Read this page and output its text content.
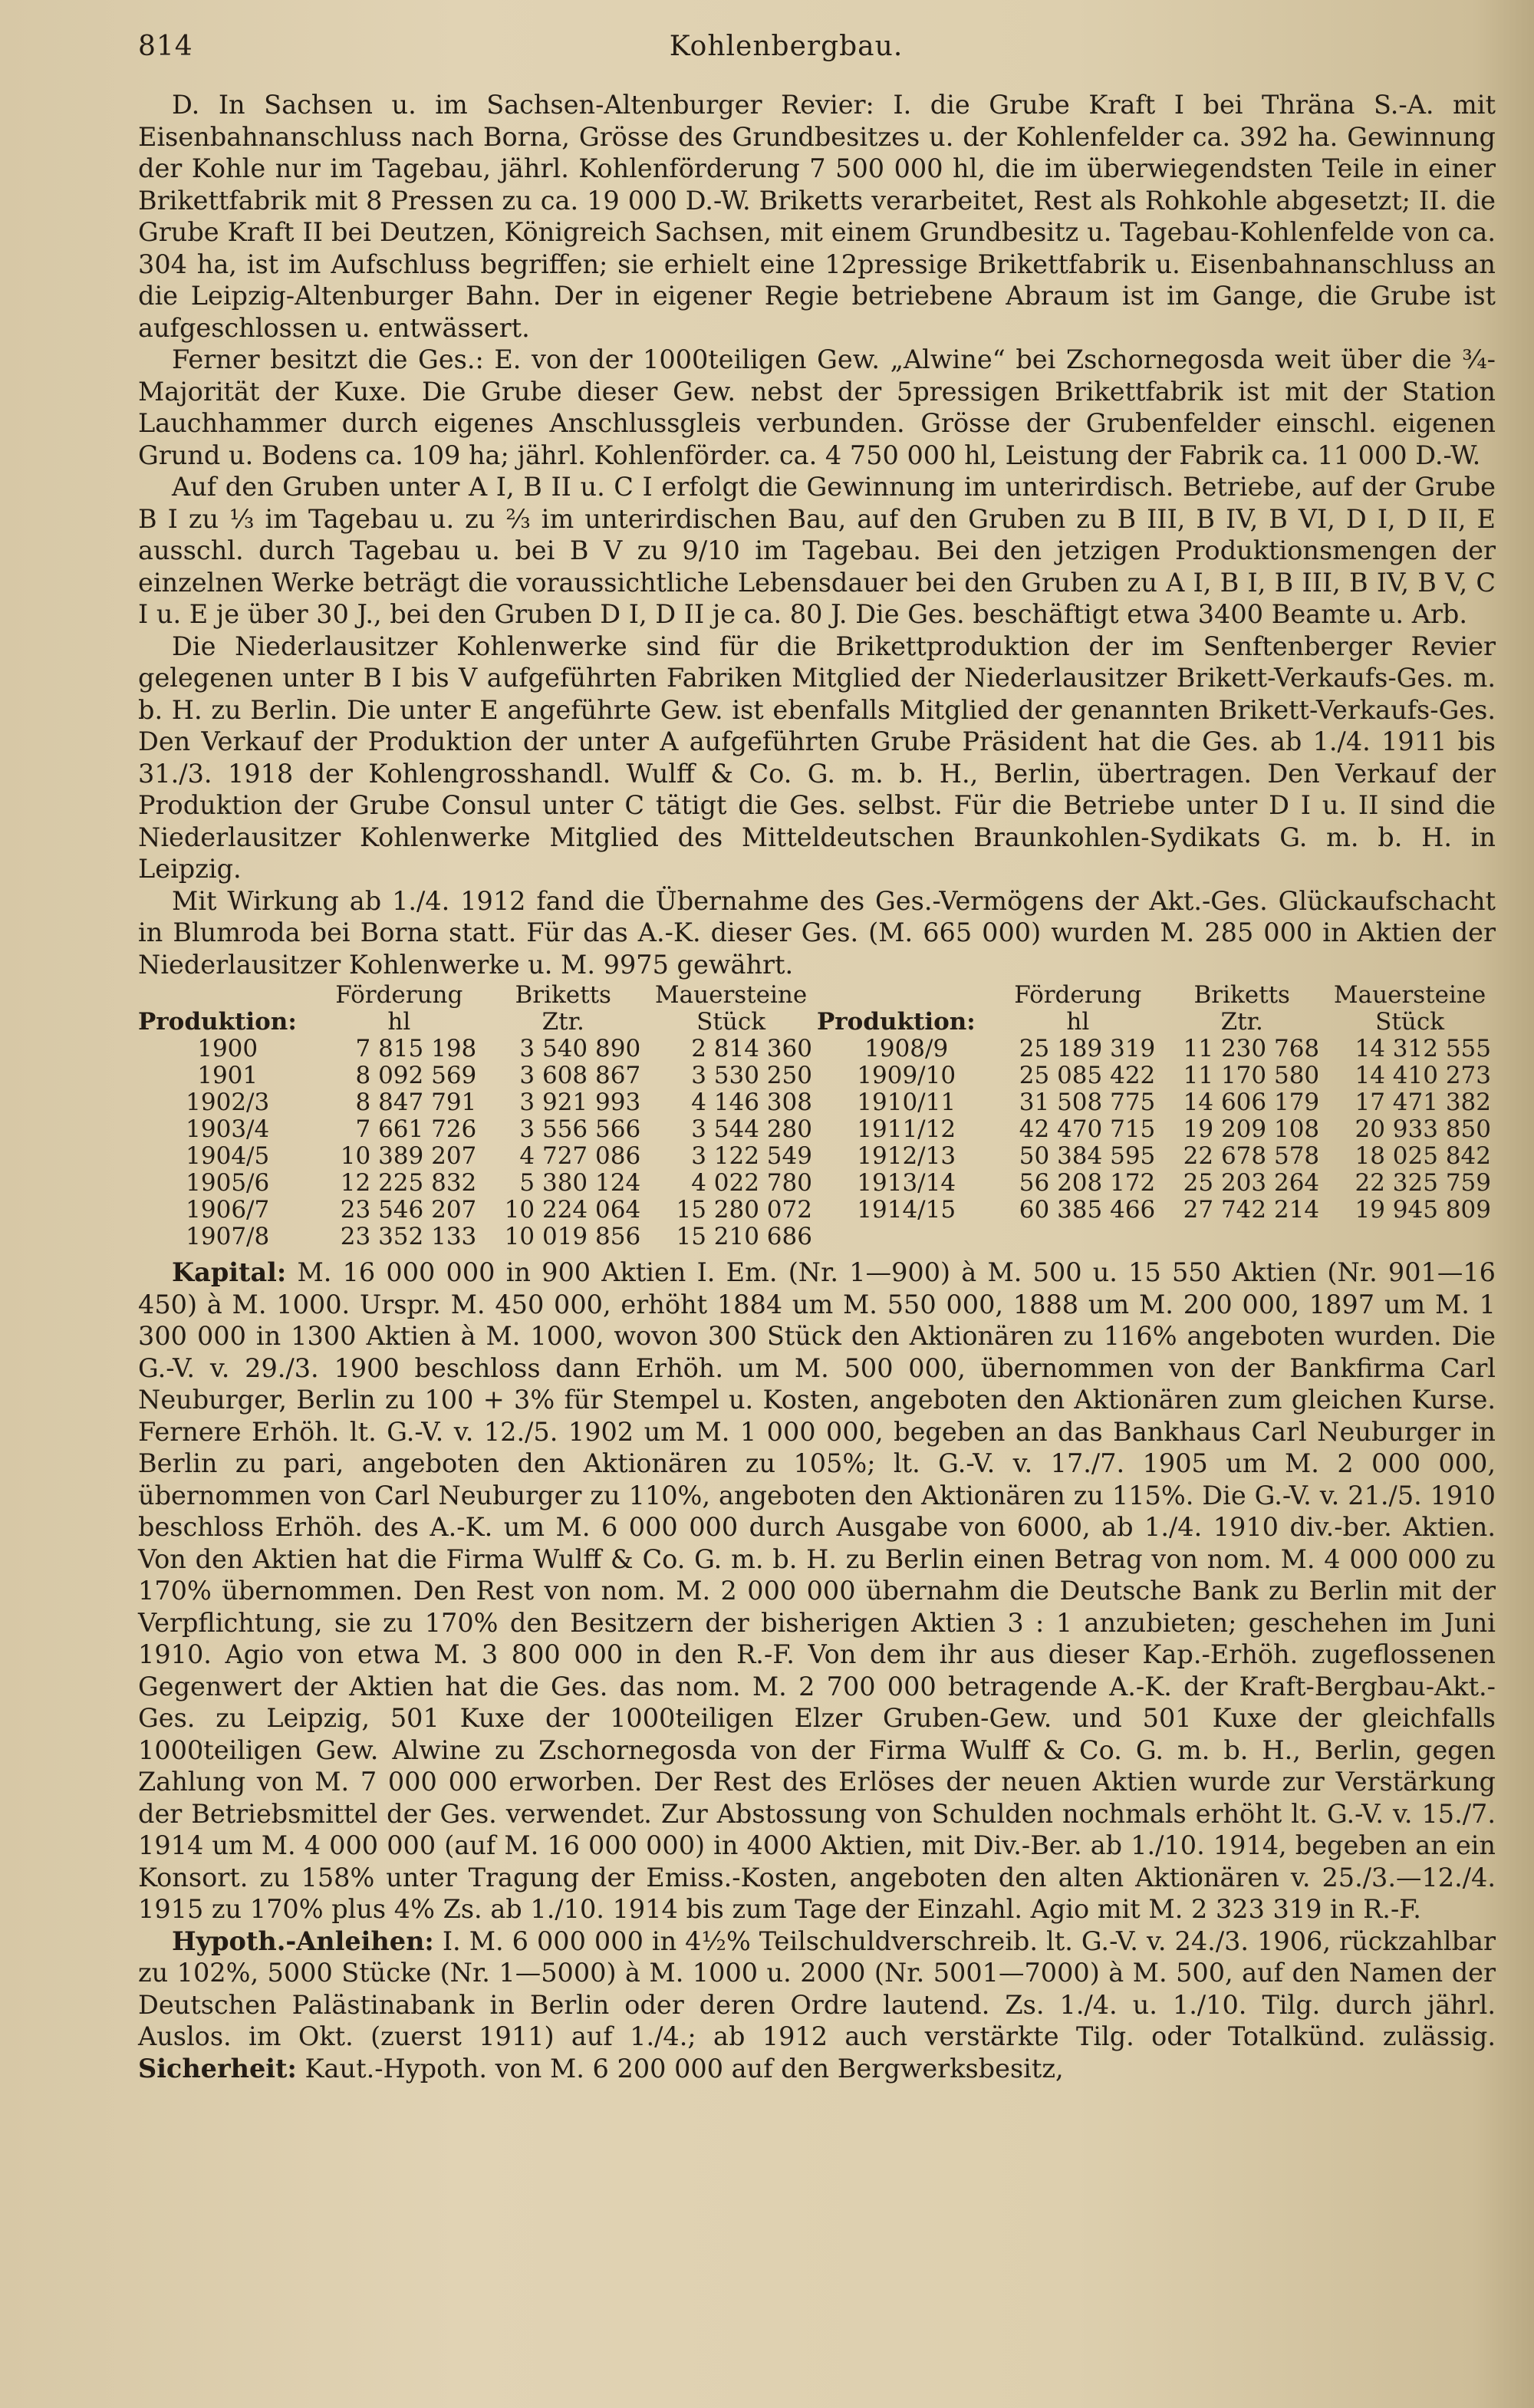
814	Kohlenbergbau.

D. In Sachsen u. im Sachsen-Altenburger Revier: I. die Grube Kraft I bei Thräna S.-A. mit Eisenbahnanschluss nach Borna, Grösse des Grundbesitzes u. der Kohlenfelder ca. 392 ha. Gewinnung der Kohle nur im Tagebau, jährl. Kohlenförderung 7 500 000 hl, die im überwiegendsten Teile in einer Brikettfabrik mit 8 Pressen zu ca. 19 000 D.-W. Briketts verarbeitet, Rest als Rohkohle abgesetzt; II. die Grube Kraft II bei Deutzen, Königreich Sachsen, mit einem Grundbesitz u. Tagebau-Kohlenfelde von ca. 304 ha, ist im Aufschluss begriffen; sie erhielt eine 12pressige Brikettfabrik u. Eisenbahnanschluss an die Leipzig-Altenburger Bahn. Der in eigener Regie betriebene Abraum ist im Gange, die Grube ist aufgeschlossen u. entwässert.

Ferner besitzt die Ges.: E. von der 1000teiligen Gew. „Alwine“ bei Zschornegosda weit über die ¾-Majorität der Kuxe. Die Grube dieser Gew. nebst der 5pressigen Brikettfabrik ist mit der Station Lauchhammer durch eigenes Anschlussgleis verbunden. Grösse der Grubenfelder einschl. eigenen Grund u. Bodens ca. 109 ha; jährl. Kohlenförder. ca. 4 750 000 hl, Leistung der Fabrik ca. 11 000 D.-W.

Auf den Gruben unter A I, B II u. C I erfolgt die Gewinnung im unterirdisch. Betriebe, auf der Grube B I zu ⅓ im Tagebau u. zu ⅔ im unterirdischen Bau, auf den Gruben zu B III, B IV, B VI, D I, D II, E ausschl. durch Tagebau u. bei B V zu 9/10 im Tagebau. Bei den jetzigen Produktionsmengen der einzelnen Werke beträgt die voraussichtliche Lebensdauer bei den Gruben zu A I, B I, B III, B IV, B V, C I u. E je über 30 J., bei den Gruben D I, D II je ca. 80 J. Die Ges. beschäftigt etwa 3400 Beamte u. Arb.

Die Niederlausitzer Kohlenwerke sind für die Brikettproduktion der im Senftenberger Revier gelegenen unter B I bis V aufgeführten Fabriken Mitglied der Niederlausitzer Brikett-Verkaufs-Ges. m. b. H. zu Berlin. Die unter E angeführte Gew. ist ebenfalls Mitglied der genannten Brikett-Verkaufs-Ges. Den Verkauf der Produktion der unter A aufgeführten Grube Präsident hat die Ges. ab 1./4. 1911 bis 31./3. 1918 der Kohlengrosshandl. Wulff & Co. G. m. b. H., Berlin, übertragen. Den Verkauf der Produktion der Grube Consul unter C tätigt die Ges. selbst. Für die Betriebe unter D I u. II sind die Niederlausitzer Kohlenwerke Mitglied des Mitteldeutschen Braunkohlen-Sydikats G. m. b. H. in Leipzig.

Mit Wirkung ab 1./4. 1912 fand die Übernahme des Ges.-Vermögens der Akt.-Ges. Glückaufschacht in Blumroda bei Borna statt. Für das A.-K. dieser Ges. (M. 665 000) wurden M. 285 000 in Aktien der Niederlausitzer Kohlenwerke u. M. 9975 gewährt.

	Förderung	Briketts	Mauersteine		Förderung	Briketts	Mauersteine
Produktion:	hl	Ztr.	Stück	Produktion:	hl	Ztr.	Stück
1900	7 815 198	3 540 890	2 814 360	1908/9	25 189 319	11 230 768	14 312 555
1901	8 092 569	3 608 867	3 530 250	1909/10	25 085 422	11 170 580	14 410 273
1902/3	8 847 791	3 921 993	4 146 308	1910/11	31 508 775	14 606 179	17 471 382
1903/4	7 661 726	3 556 566	3 544 280	1911/12	42 470 715	19 209 108	20 933 850
1904/5	10 389 207	4 727 086	3 122 549	1912/13	50 384 595	22 678 578	18 025 842
1905/6	12 225 832	5 380 124	4 022 780	1913/14	56 208 172	25 203 264	22 325 759
1906/7	23 546 207	10 224 064	15 280 072	1914/15	60 385 466	27 742 214	19 945 809
1907/8	23 352 133	10 019 856	15 210 686				

Kapital: M. 16 000 000 in 900 Aktien I. Em. (Nr. 1—900) à M. 500 u. 15 550 Aktien (Nr. 901—16 450) à M. 1000. Urspr. M. 450 000, erhöht 1884 um M. 550 000, 1888 um M. 200 000, 1897 um M. 1 300 000 in 1300 Aktien à M. 1000, wovon 300 Stück den Aktionären zu 116% angeboten wurden. Die G.-V. v. 29./3. 1900 beschloss dann Erhöh. um M. 500 000, übernommen von der Bankfirma Carl Neuburger, Berlin zu 100 + 3% für Stempel u. Kosten, angeboten den Aktionären zum gleichen Kurse. Fernere Erhöh. lt. G.-V. v. 12./5. 1902 um M. 1 000 000, begeben an das Bankhaus Carl Neuburger in Berlin zu pari, angeboten den Aktionären zu 105%; lt. G.-V. v. 17./7. 1905 um M. 2 000 000, übernommen von Carl Neuburger zu 110%, angeboten den Aktionären zu 115%. Die G.-V. v. 21./5. 1910 beschloss Erhöh. des A.-K. um M. 6 000 000 durch Ausgabe von 6000, ab 1./4. 1910 div.-ber. Aktien. Von den Aktien hat die Firma Wulff & Co. G. m. b. H. zu Berlin einen Betrag von nom. M. 4 000 000 zu 170% übernommen. Den Rest von nom. M. 2 000 000 übernahm die Deutsche Bank zu Berlin mit der Verpflichtung, sie zu 170% den Besitzern der bisherigen Aktien 3 : 1 anzubieten; geschehen im Juni 1910. Agio von etwa M. 3 800 000 in den R.-F. Von dem ihr aus dieser Kap.-Erhöh. zugeflossenen Gegenwert der Aktien hat die Ges. das nom. M. 2 700 000 betragende A.-K. der Kraft-Bergbau-Akt.-Ges. zu Leipzig, 501 Kuxe der 1000teiligen Elzer Gruben-Gew. und 501 Kuxe der gleichfalls 1000teiligen Gew. Alwine zu Zschornegosda von der Firma Wulff & Co. G. m. b. H., Berlin, gegen Zahlung von M. 7 000 000 erworben. Der Rest des Erlöses der neuen Aktien wurde zur Verstärkung der Betriebsmittel der Ges. verwendet. Zur Abstossung von Schulden nochmals erhöht lt. G.-V. v. 15./7. 1914 um M. 4 000 000 (auf M. 16 000 000) in 4000 Aktien, mit Div.-Ber. ab 1./10. 1914, begeben an ein Konsort. zu 158% unter Tragung der Emiss.-Kosten, angeboten den alten Aktionären v. 25./3.—12./4. 1915 zu 170% plus 4% Zs. ab 1./10. 1914 bis zum Tage der Einzahl. Agio mit M. 2 323 319 in R.-F.

Hypoth.-Anleihen: I. M. 6 000 000 in 4½% Teilschuldverschreib. lt. G.-V. v. 24./3. 1906, rückzahlbar zu 102%, 5000 Stücke (Nr. 1—5000) à M. 1000 u. 2000 (Nr. 5001—7000) à M. 500, auf den Namen der Deutschen Palästinabank in Berlin oder deren Ordre lautend. Zs. 1./4. u. 1./10. Tilg. durch jährl. Auslos. im Okt. (zuerst 1911) auf 1./4.; ab 1912 auch verstärkte Tilg. oder Totalkünd. zulässig. Sicherheit: Kaut.-Hypoth. von M. 6 200 000 auf den Bergwerksbesitz,
